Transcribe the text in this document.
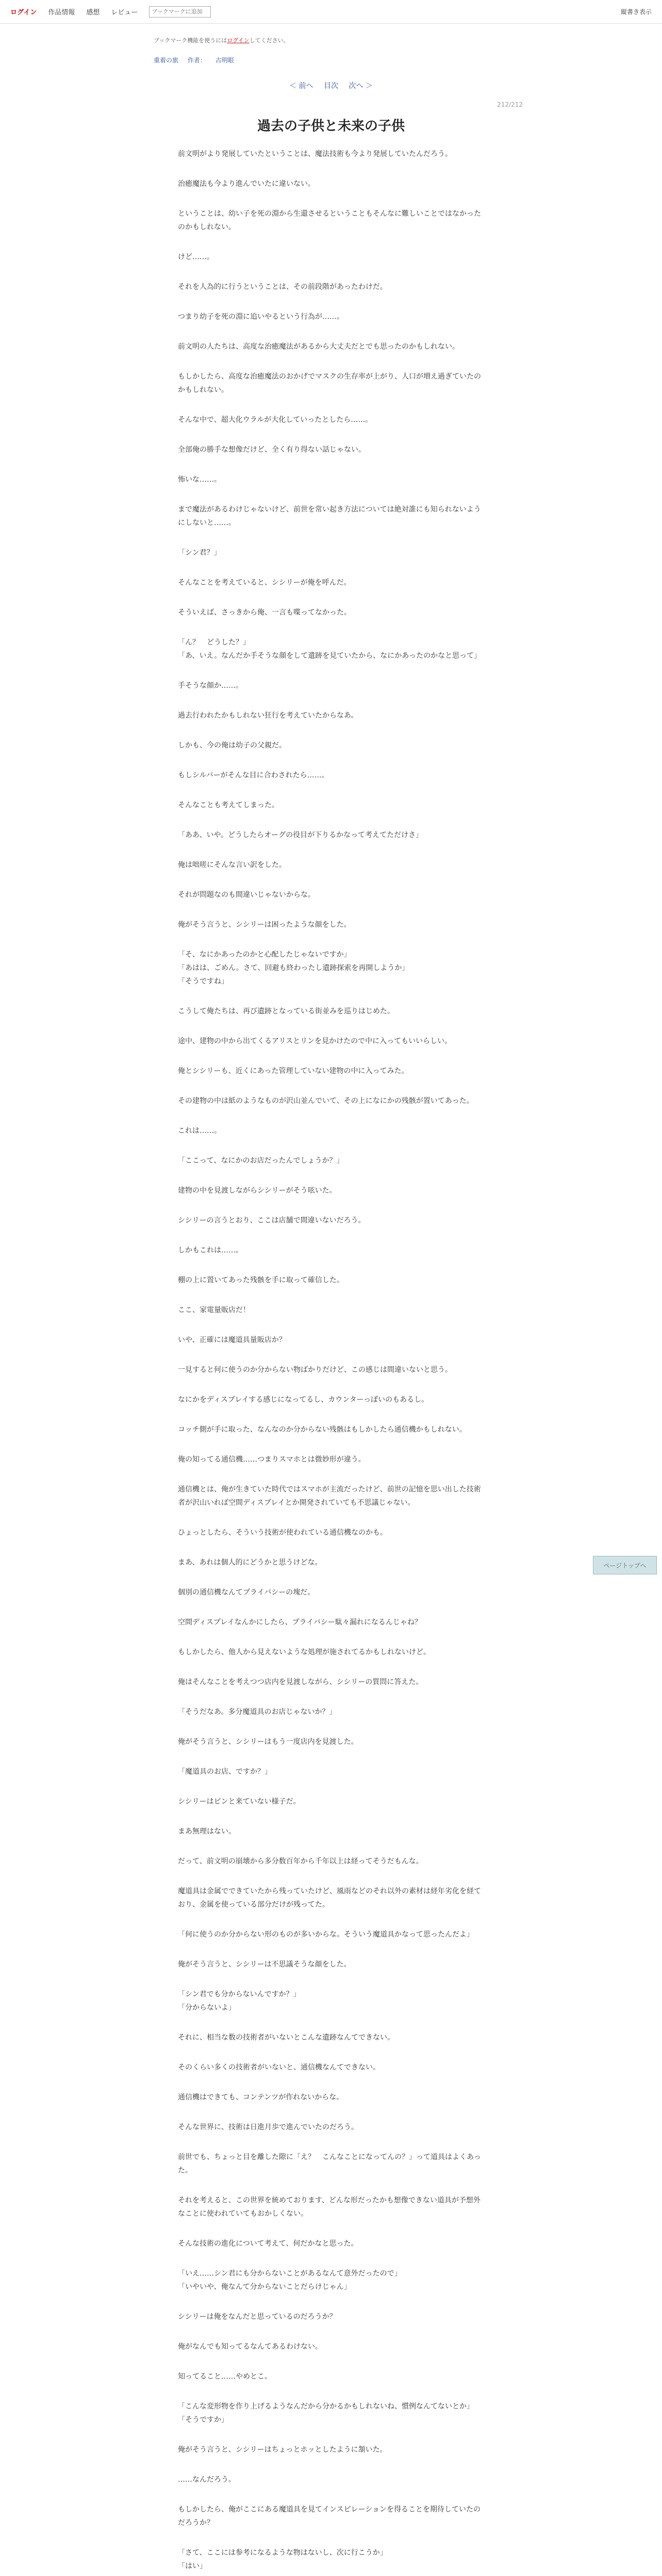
ログイン 作品情報 感想 レビュー
ブックマークに追加	縦書き表示
ブックマーク機能を使うにはログインしてください。
重着の旅 作者： 古明眼
＜ 前へ 目次 次へ ＞
212/212
過去の子供と未来の子供

前文明がより発展していたということは、魔法技術も今より発展していたんだろう。

治癒魔法も今より進んでいたに違いない。

ということは、幼い子を死の淵から生還させるということもそんなに難しいことではなかったのかもしれない。

けど……。

それを人為的に行うということは、その前段階があったわけだ。

つまり幼子を死の淵に追いやるという行為が……。

前文明の人たちは、高度な治癒魔法があるから大丈夫だとでも思ったのかもしれない。

もしかしたら、高度な治癒魔法のおかげでマスクの生存率が上がり、人口が増え過ぎていたのかもしれない。

そんな中で、超大化ウラルが大化していったとしたら……。

全部俺の勝手な想像だけど、全く有り得ない話じゃない。

怖いな……。

まで魔法があるわけじゃないけど、前世を常い起き方法については絶対誰にも知られないようにしないと……。

「シン君？」

そんなことを考えていると、シシリーが俺を呼んだ。

そういえば、さっきから俺、一言も喋ってなかった。

「ん？　どうした？」
「あ、いえ。なんだか手そうな顔をして遺跡を見ていたから、なにかあったのかなと思って」

手そうな顔か……。

過去行われたかもしれない狂行を考えていたからなあ。

しかも、今の俺は幼子の父親だ。

もしシルバーがそんな目に合わされたら……。

そんなことも考えてしまった。

「ああ、いや。どうしたらオーグの役目が下りるかなって考えてただけさ」

俺は咄嗟にそんな言い訳をした。

それが問題なのも間違いじゃないからな。

俺がそう言うと、シシリーは困ったような顔をした。

「そ、なにかあったのかと心配したじゃないですか」
「あはは、ごめん。さて、回避も終わったし遺跡探索を再開しようか」
「そうですね」

こうして俺たちは、再び遺跡となっている街並みを巡りはじめた。

途中、建物の中から出てくるアリスとリンを見かけたので中に入ってもいいらしい。

俺とシシリーも、近くにあった管理していない建物の中に入ってみた。

その建物の中は紙のようなものが沢山並んでいて、その上になにかの残骸が置いてあった。

これは……。

「ここって、なにかのお店だったんでしょうか？」

建物の中を見渡しながらシシリーがそう呟いた。

シシリーの言うとおり、ここは店舗で間違いないだろう。

しかもこれは……。

棚の上に置いてあった残骸を手に取って確信した。

ここ、家電量販店だ！

いや、正確には魔道具量販店か？

一見すると何に使うのか分からない物ばかりだけど、この感じは間違いないと思う。

なにかをディスプレイする感じになってるし、カウンターっぽいのもあるし。

コッチ側が手に取った、なんなのか分からない残骸はもしかしたら通信機かもしれない。

俺の知ってる通信機……つまりスマホとは微妙形が違う。

通信機とは、俺が生きていた時代ではスマホが主流だったけど、前世の記憶を思い出した技術者が沢山いれば空間ディスプレイとか開発されていても不思議じゃない。

ひょっとしたら、そういう技術が使われている通信機なのかも。

まあ、あれは個人的にどうかと思うけどな。

個別の通信機なんてプライバシーの塊だ。

空間ディスプレイなんかにしたら、プライバシー駄々漏れになるんじゃね？

もしかしたら、他人から見えないような処理が施されてるかもしれないけど。

俺はそんなことを考えつつ店内を見渡しながら、シシリーの質問に答えた。

「そうだなあ。多分魔道具のお店じゃないか？」

俺がそう言うと、シシリーはもう一度店内を見渡した。

「魔道具のお店、ですか？」

シシリーはピンと来ていない様子だ。

まあ無理はない。

だって、前文明の崩壊から多分数百年から千年以上は経ってそうだもんな。

魔道具は金属でできていたから残っていたけど、風雨などのそれ以外の素材は経年劣化を経ており、金属を使っている部分だけが残ってた。

「何に使うのか分からない形のものが多いからな。そういう魔道具かなって思ったんだよ」

俺がそう言うと、シシリーは不思議そうな顔をした。

「シン君でも分からないんですか？」
「分からないよ」

それに、相当な数の技術者がいないとこんな遺跡なんてできない。

そのくらい多くの技術者がいないと、通信機なんてできない。

通信機はできても、コンテンツが作れないからな。

そんな世界に、技術は日進月歩で進んでいたのだろう。

前世でも、ちょっと目を離した隙に「え？　こんなことになってんの？」って道具はよくあった。

それを考えると、この世界を統めております、どんな形だったかも想像できない道具が予想外なことに使われていてもおかしくない。

そんな技術の進化について考えて、何だかなと思った。

「いえ……シン君にも分からないことがあるなんて意外だったので」
「いやいや、俺なんて分からないことだらけじゃん」

シシリーは俺をなんだと思っているのだろうか？

俺がなんでも知ってるなんてあるわけない。

知ってること……やめとこ。

「こんな変形物を作り上げるようなんだから分かるかもしれないね、慣例なんてないとか」
「そうですか」

俺がそう言うと、シシリーはちょっとホッとしたように頷いた。

……なんだろう。

もしかしたら、俺がここにある魔道具を見てインスピレーションを得ることを期待していたのだろうか？

「さて、ここには参考になるような物はないし、次に行こうか」
「はい」

ページトップへ
